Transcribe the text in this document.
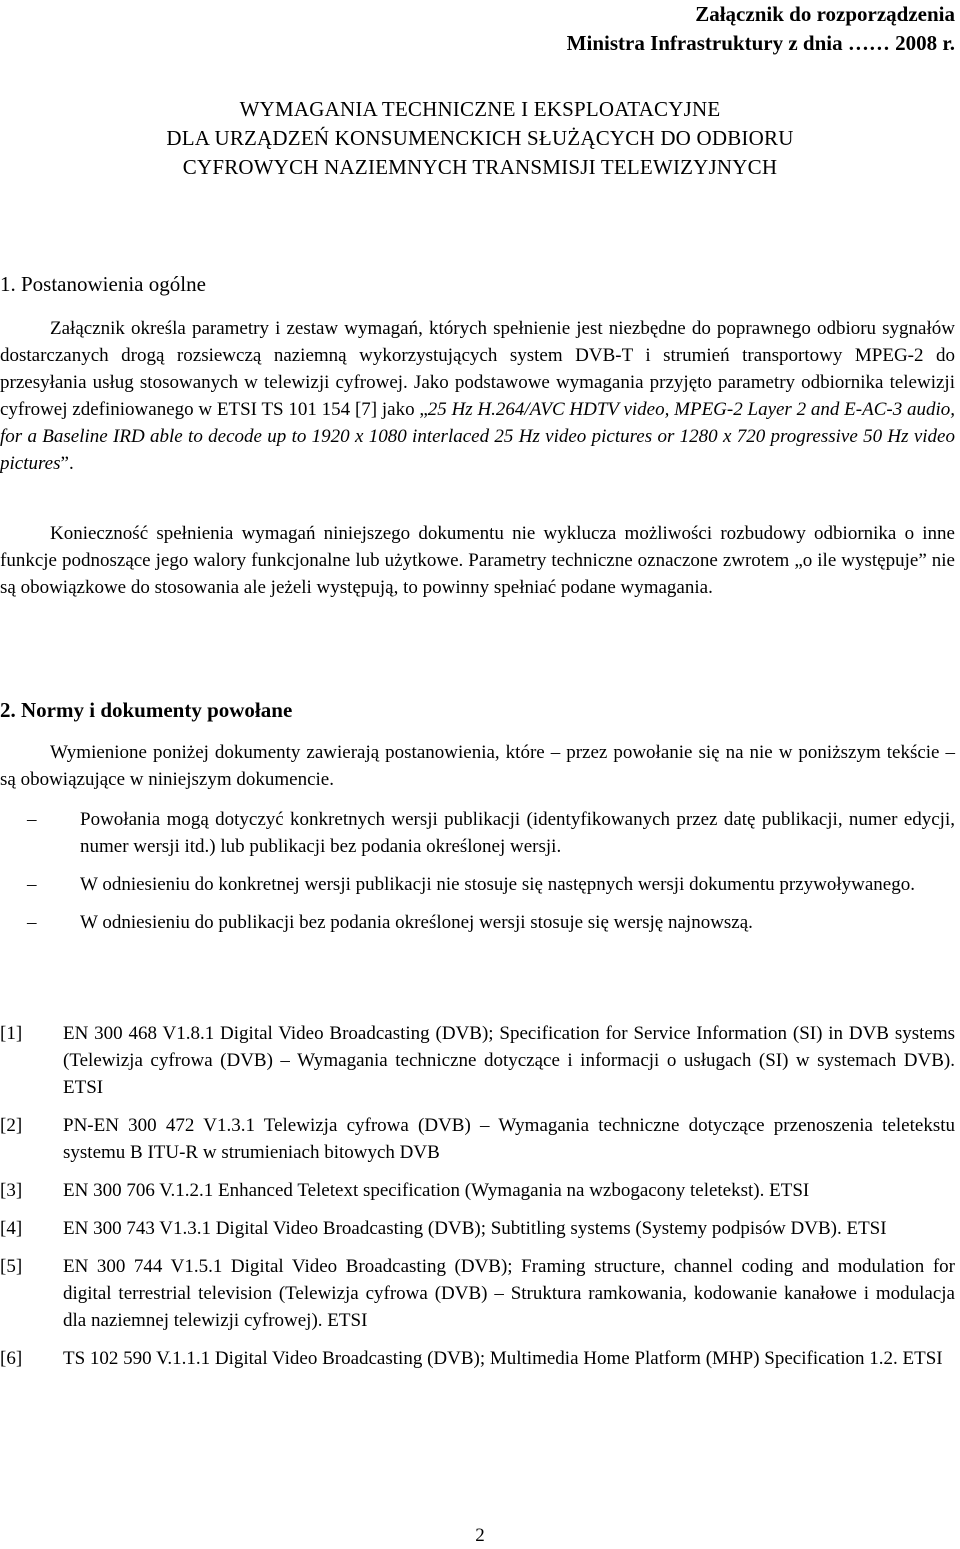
Załącznik do rozporządzenia
Ministra Infrastruktury z dnia …… 2008 r.
WYMAGANIA TECHNICZNE I EKSPLOATACYJNE
DLA URZĄDZEŃ KONSUMENCKICH SŁUŻĄCYCH DO ODBIORU
CYFROWYCH NAZIEMNYCH TRANSMISJI TELEWIZYJNYCH
1. Postanowienia ogólne
Załącznik określa parametry i zestaw wymagań, których spełnienie jest niezbędne do poprawnego odbioru sygnałów dostarczanych drogą rozsiewczą naziemną wykorzystujących system DVB-T i strumień transportowy MPEG-2 do przesyłania usług stosowanych w telewizji cyfrowej. Jako podstawowe wymagania przyjęto parametry odbiornika telewizji cyfrowej zdefiniowanego w ETSI TS 101 154 [7] jako „25 Hz H.264/AVC HDTV video, MPEG-2 Layer 2 and E-AC-3 audio, for a Baseline IRD able to decode up to 1920 x 1080 interlaced 25 Hz video pictures or 1280 x 720 progressive 50 Hz video pictures”.
Konieczność spełnienia wymagań niniejszego dokumentu nie wyklucza możliwości rozbudowy odbiornika o inne funkcje podnoszące jego walory funkcjonalne lub użytkowe. Parametry techniczne oznaczone zwrotem „o ile występuje” nie są obowiązkowe do stosowania ale jeżeli występują, to powinny spełniać podane wymagania.
2. Normy i dokumenty powołane
Wymienione poniżej dokumenty zawierają postanowienia, które – przez powołanie się na nie w poniższym tekście – są obowiązujące w niniejszym dokumencie.
– Powołania mogą dotyczyć konkretnych wersji publikacji (identyfikowanych przez datę publikacji, numer edycji, numer wersji itd.) lub publikacji bez podania określonej wersji.
– W odniesieniu do konkretnej wersji publikacji nie stosuje się następnych wersji dokumentu przywoływanego.
– W odniesieniu do publikacji bez podania określonej wersji stosuje się wersję najnowszą.
[1] EN 300 468 V1.8.1 Digital Video Broadcasting (DVB); Specification for Service Information (SI) in DVB systems (Telewizja cyfrowa (DVB) – Wymagania techniczne dotyczące i informacji o usługach (SI) w systemach DVB). ETSI
[2] PN-EN 300 472 V1.3.1 Telewizja cyfrowa (DVB) – Wymagania techniczne dotyczące przenoszenia teletekstu systemu B ITU-R w strumieniach bitowych DVB
[3] EN 300 706 V.1.2.1 Enhanced Teletext specification (Wymagania na wzbogacony teletekst). ETSI
[4] EN 300 743 V1.3.1 Digital Video Broadcasting (DVB); Subtitling systems (Systemy podpisów DVB). ETSI
[5] EN 300 744 V1.5.1 Digital Video Broadcasting (DVB); Framing structure, channel coding and modulation for digital terrestrial television (Telewizja cyfrowa (DVB) – Struktura ramkowania, kodowanie kanałowe i modulacja dla naziemnej telewizji cyfrowej). ETSI
[6] TS 102 590 V.1.1.1 Digital Video Broadcasting (DVB); Multimedia Home Platform (MHP) Specification 1.2. ETSI
2
